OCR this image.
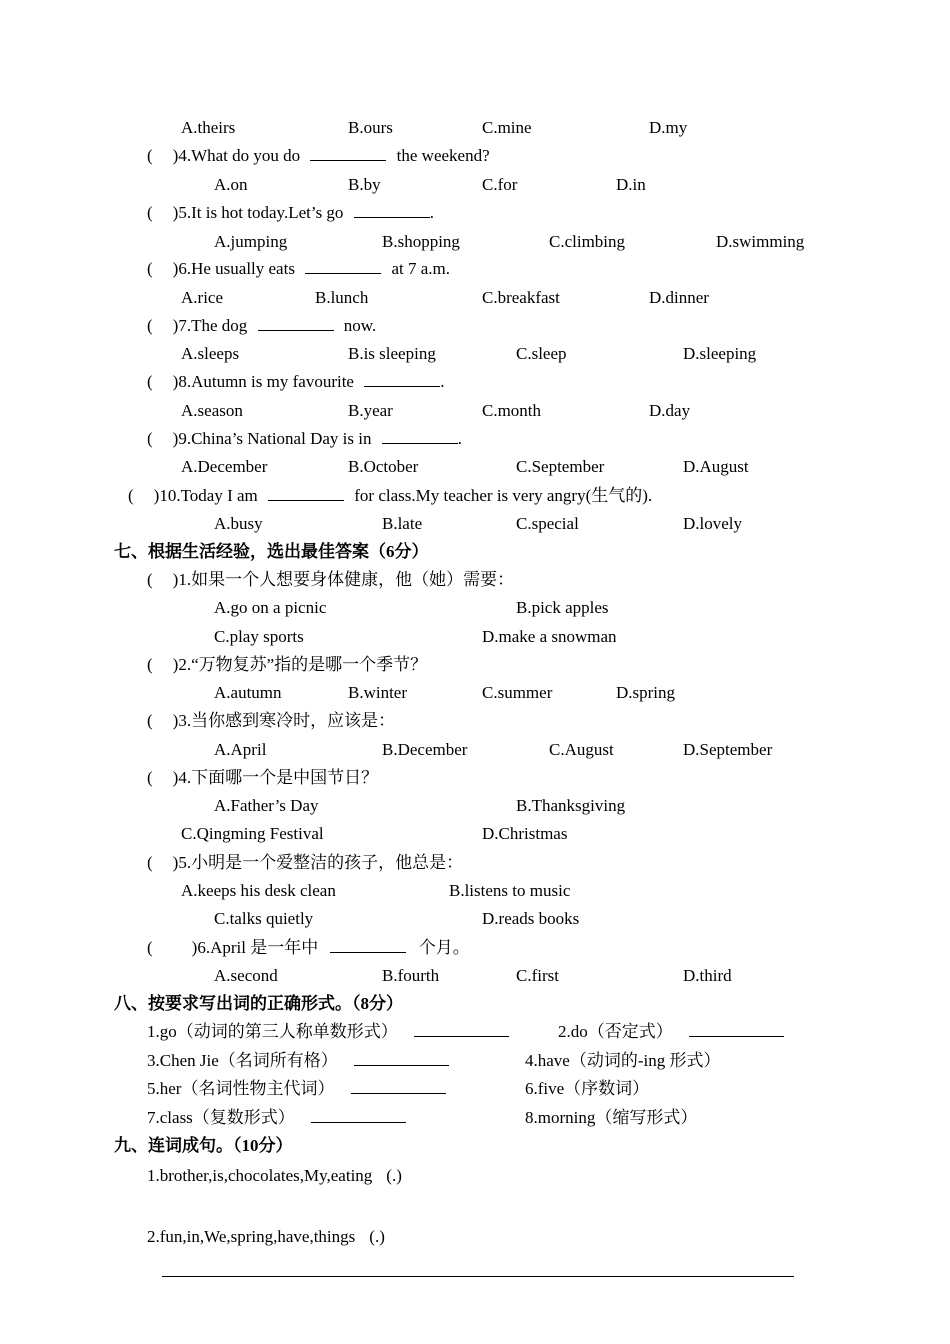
A.theirs	B.ours	C.mine	D.my
( )4.What do you do	the weekend?
A.on	B.by	C.for	D.in
( )5.It is hot today.Let’s go	.
A.jumping	B.shopping	C.climbing	D.swimming
( )6.He usually eats	at 7 a.m.
A.rice	B.lunch	C.breakfast	D.dinner
( )7.The dog	now.
A.sleeps	B.is sleeping	C.sleep	D.sleeping
( )8.Autumn is my favourite	.
A.season	B.year	C.month	D.day
( )9.China’s National Day is in	.
A.December	B.October	C.September	D.August
( )10.Today I am	for class.My teacher is very angry(生气的).
A.busy	B.late	C.special	D.lovely
七、根据生活经验，选出最佳答案（6分）
( )1.如果一个人想要身体健康，他（她）需要：
A.go on a picnic	B.pick apples
C.play sports	D.make a snowman
( )2.“万物复苏”指的是哪一个季节？
A.autumn	B.winter	C.summer	D.spring
( )3.当你感到寒冷时，应该是：
A.April	B.December	C.August	D.September
( )4.下面哪一个是中国节日？
A.Father’s Day	B.Thanksgiving
C.Qingming Festival	D.Christmas
( )5.小明是一个爱整洁的孩子，他总是：
A.keeps his desk clean	B.listens to music
C.talks quietly	D.reads books
( )6.April 是一年中	个月。
A.second	B.fourth	C.first	D.third
八、按要求写出词的正确形式。（8分）
1.go（动词的第三人称单数形式）	2.do（否定式）
3.Chen Jie（名词所有格）	4.have（动词的-ing 形式）
5.her（名词性物主代词）	6.five（序数词）
7.class（复数形式）	8.morning（缩写形式）
九、连词成句。（10分）
1.brother,is,chocolates,My,eating (.)
2.fun,in,We,spring,have,things (.)
